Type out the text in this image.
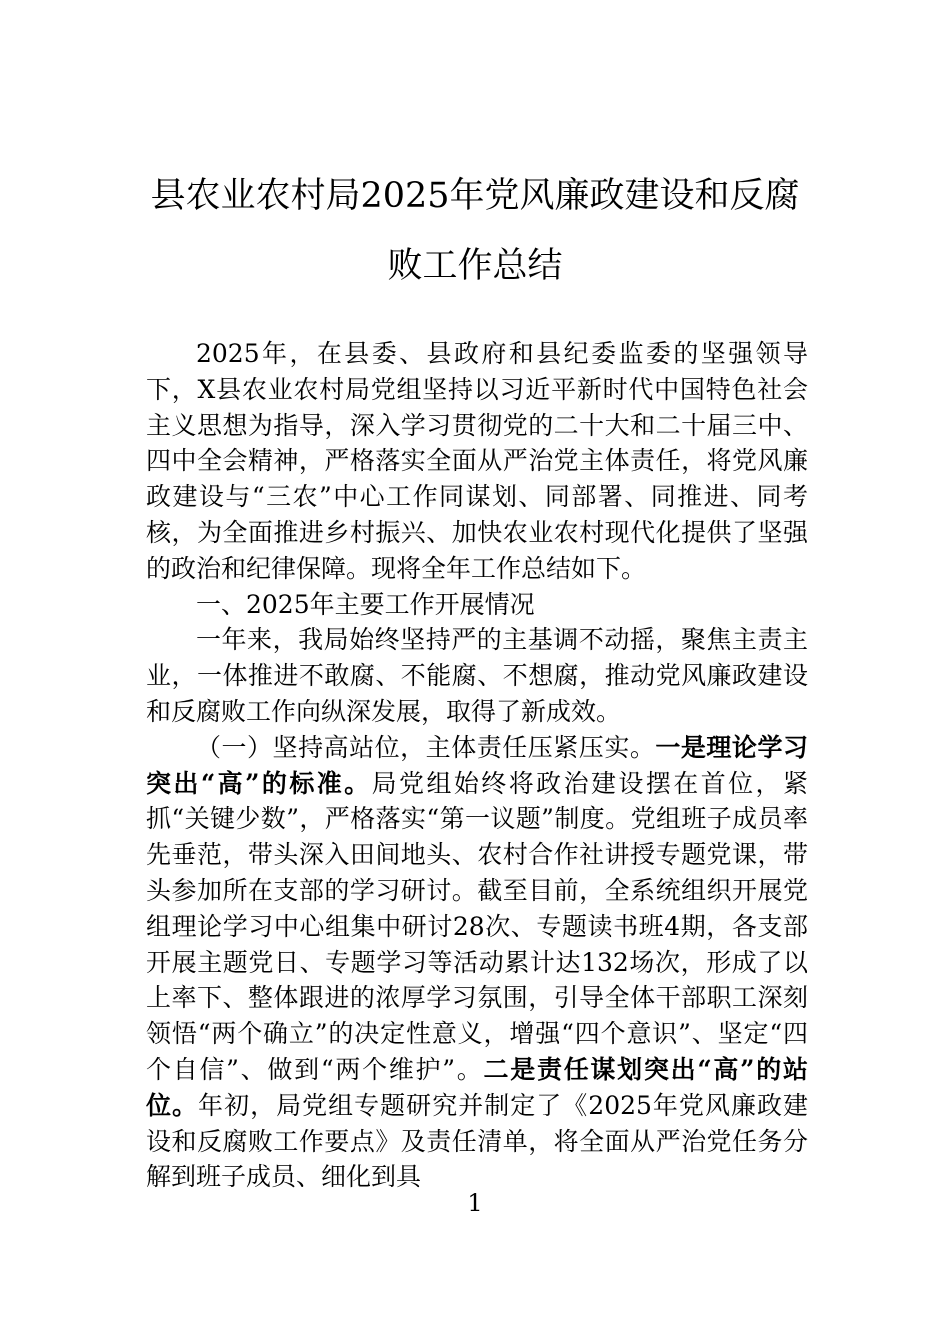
县农业农村局2025年党风廉政建设和反腐
败工作总结

2025年，在县委、县政府和县纪委监委的坚强领导下，X县农业农村局党组坚持以习近平新时代中国特色社会主义思想为指导，深入学习贯彻党的二十大和二十届三中、四中全会精神，严格落实全面从严治党主体责任，将党风廉政建设与“三农”中心工作同谋划、同部署、同推进、同考核，为全面推进乡村振兴、加快农业农村现代化提供了坚强的政治和纪律保障。现将全年工作总结如下。

一、2025年主要工作开展情况

一年来，我局始终坚持严的主基调不动摇，聚焦主责主业，一体推进不敢腐、不能腐、不想腐，推动党风廉政建设和反腐败工作向纵深发展，取得了新成效。

（一）坚持高站位，主体责任压紧压实。一是理论学习突出“高”的标准。局党组始终将政治建设摆在首位，紧抓“关键少数”，严格落实“第一议题”制度。党组班子成员率先垂范，带头深入田间地头、农村合作社讲授专题党课，带头参加所在支部的学习研讨。截至目前，全系统组织开展党组理论学习中心组集中研讨28次、专题读书班4期，各支部开展主题党日、专题学习等活动累计达132场次，形成了以上率下、整体跟进的浓厚学习氛围，引导全体干部职工深刻领悟“两个确立”的决定性意义，增强“四个意识”、坚定“四个自信”、做到“两个维护”。二是责任谋划突出“高”的站位。年初，局党组专题研究并制定了《2025年党风廉政建设和反腐败工作要点》及责任清单，将全面从严治党任务分解到班子成员、细化到具

1
